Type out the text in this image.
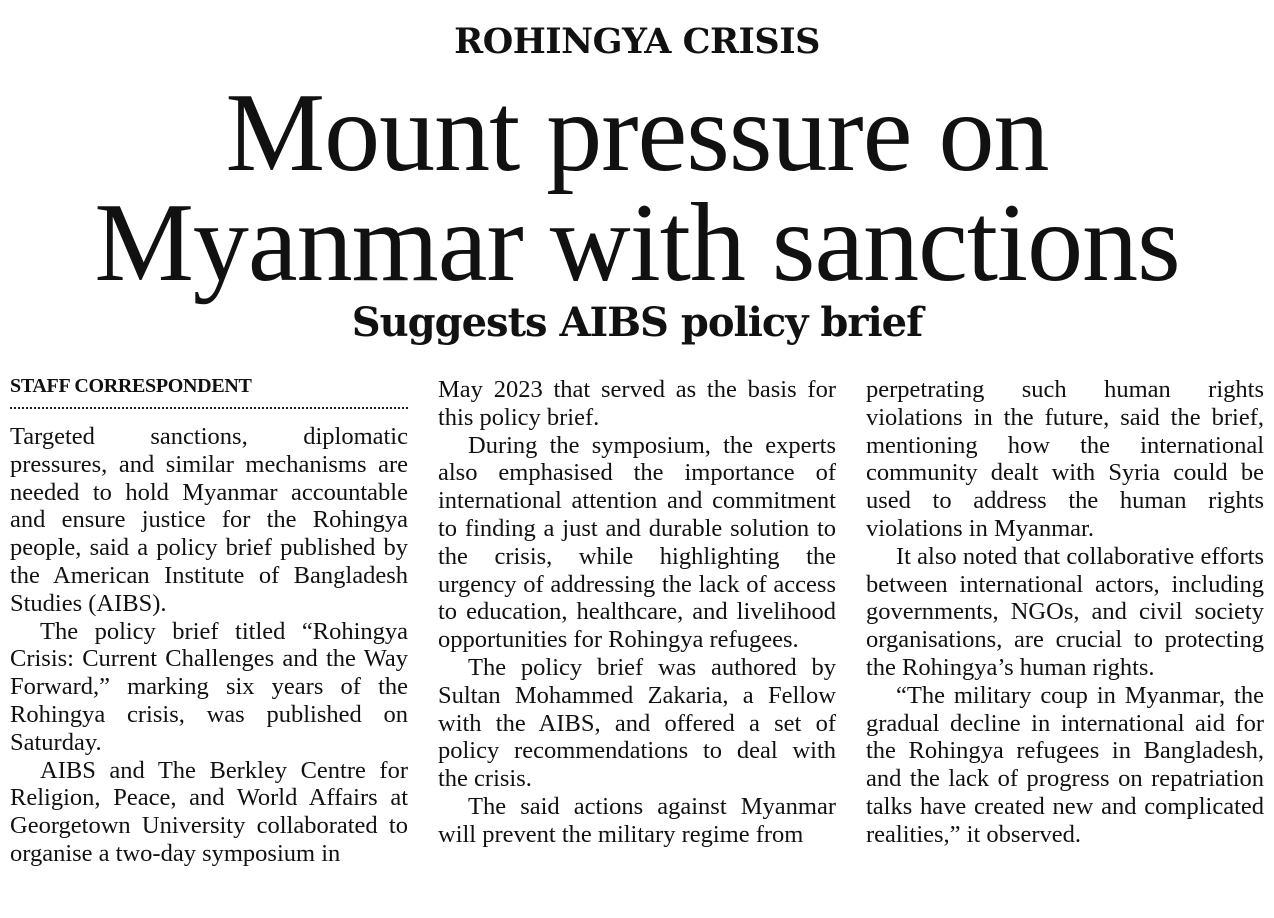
ROHINGYA CRISIS
Mount pressure on
Myanmar with sanctions
Suggests AIBS policy brief
STAFF CORRESPONDENT

Targeted sanctions, diplomatic pressures, and similar mechanisms are needed to hold Myanmar accountable and ensure justice for the Rohingya people, said a policy brief published by the American Institute of Bangladesh Studies (AIBS).

The policy brief titled “Rohingya Crisis: Current Challenges and the Way Forward,” marking six years of the Rohingya crisis, was published on Saturday.

AIBS and The Berkley Centre for Religion, Peace, and World Affairs at Georgetown University collaborated to organise a two-day symposium in

May 2023 that served as the basis for this policy brief.

During the symposium, the experts also emphasised the importance of international attention and commitment to finding a just and durable solution to the crisis, while highlighting the urgency of addressing the lack of access to education, healthcare, and livelihood opportunities for Rohingya refugees.

The policy brief was authored by Sultan Mohammed Zakaria, a Fellow with the AIBS, and offered a set of policy recommendations to deal with the crisis.

The said actions against Myanmar will prevent the military regime from

perpetrating such human rights violations in the future, said the brief, mentioning how the international community dealt with Syria could be used to address the human rights violations in Myanmar.

It also noted that collaborative efforts between international actors, including governments, NGOs, and civil society organisations, are crucial to protecting the Rohingya’s human rights.

“The military coup in Myanmar, the gradual decline in international aid for the Rohingya refugees in Bangladesh, and the lack of progress on repatriation talks have created new and complicated realities,” it observed.
